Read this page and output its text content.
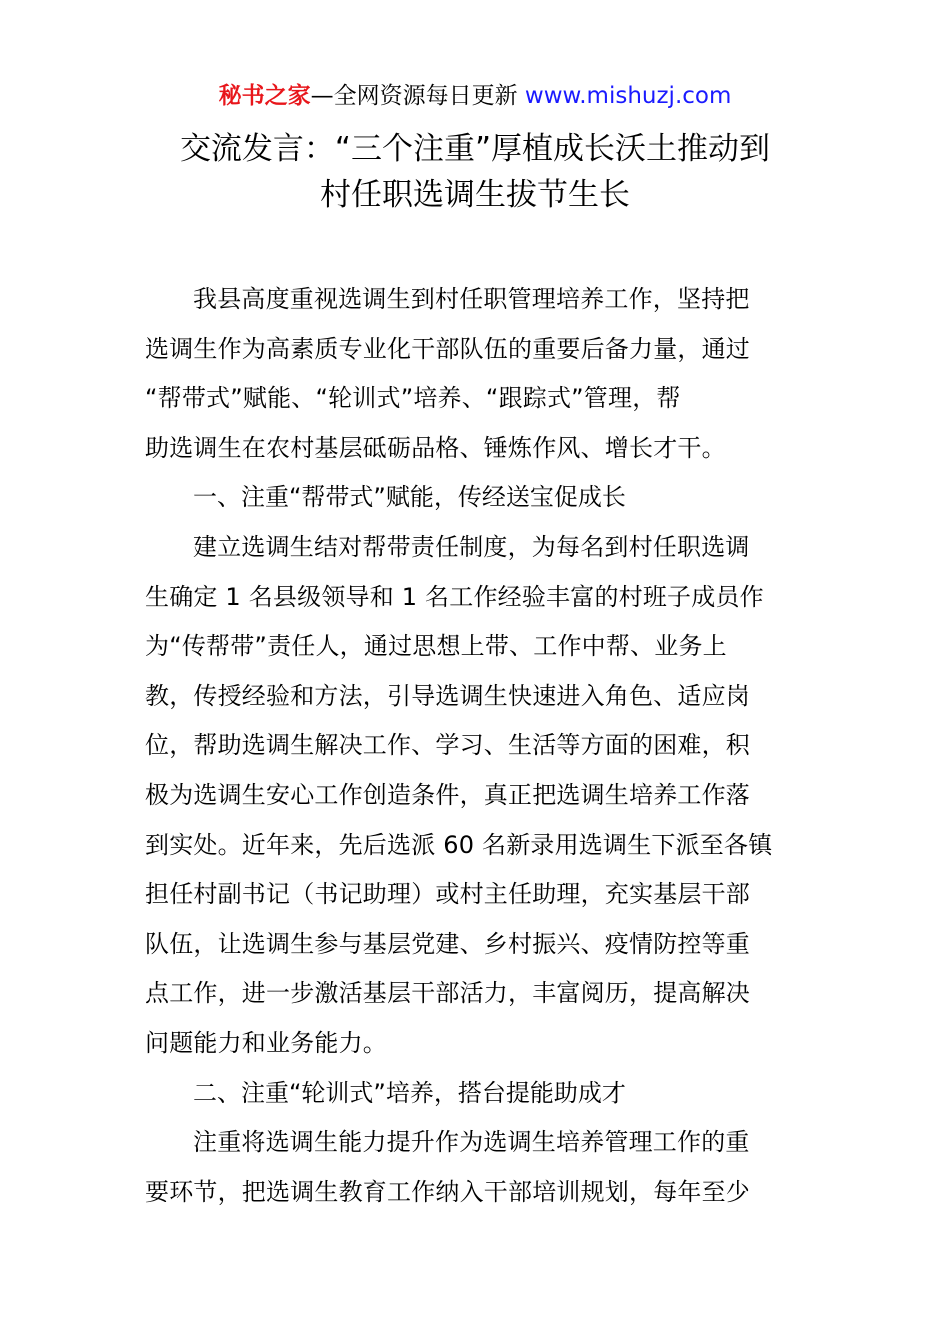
秘书之家—全网资源每日更新 www.mishuzj.com
交流发言：“三个注重”厚植成长沃土推动到
村任职选调生拔节生长

我县高度重视选调生到村任职管理培养工作，坚持把
选调生作为高素质专业化干部队伍的重要后备力量，通过
“帮带式”赋能、“轮训式”培养、“跟踪式”管理，帮
助选调生在农村基层砥砺品格、锤炼作风、增长才干。

一、注重“帮带式”赋能，传经送宝促成长

建立选调生结对帮带责任制度，为每名到村任职选调
生确定 1 名县级领导和 1 名工作经验丰富的村班子成员作
为“传帮带”责任人，通过思想上带、工作中帮、业务上
教，传授经验和方法，引导选调生快速进入角色、适应岗
位，帮助选调生解决工作、学习、生活等方面的困难，积
极为选调生安心工作创造条件，真正把选调生培养工作落
到实处。近年来，先后选派 60 名新录用选调生下派至各镇
担任村副书记（书记助理）或村主任助理，充实基层干部
队伍，让选调生参与基层党建、乡村振兴、疫情防控等重
点工作，进一步激活基层干部活力，丰富阅历，提高解决
问题能力和业务能力。

二、注重“轮训式”培养，搭台提能助成才

注重将选调生能力提升作为选调生培养管理工作的重
要环节，把选调生教育工作纳入干部培训规划，每年至少
